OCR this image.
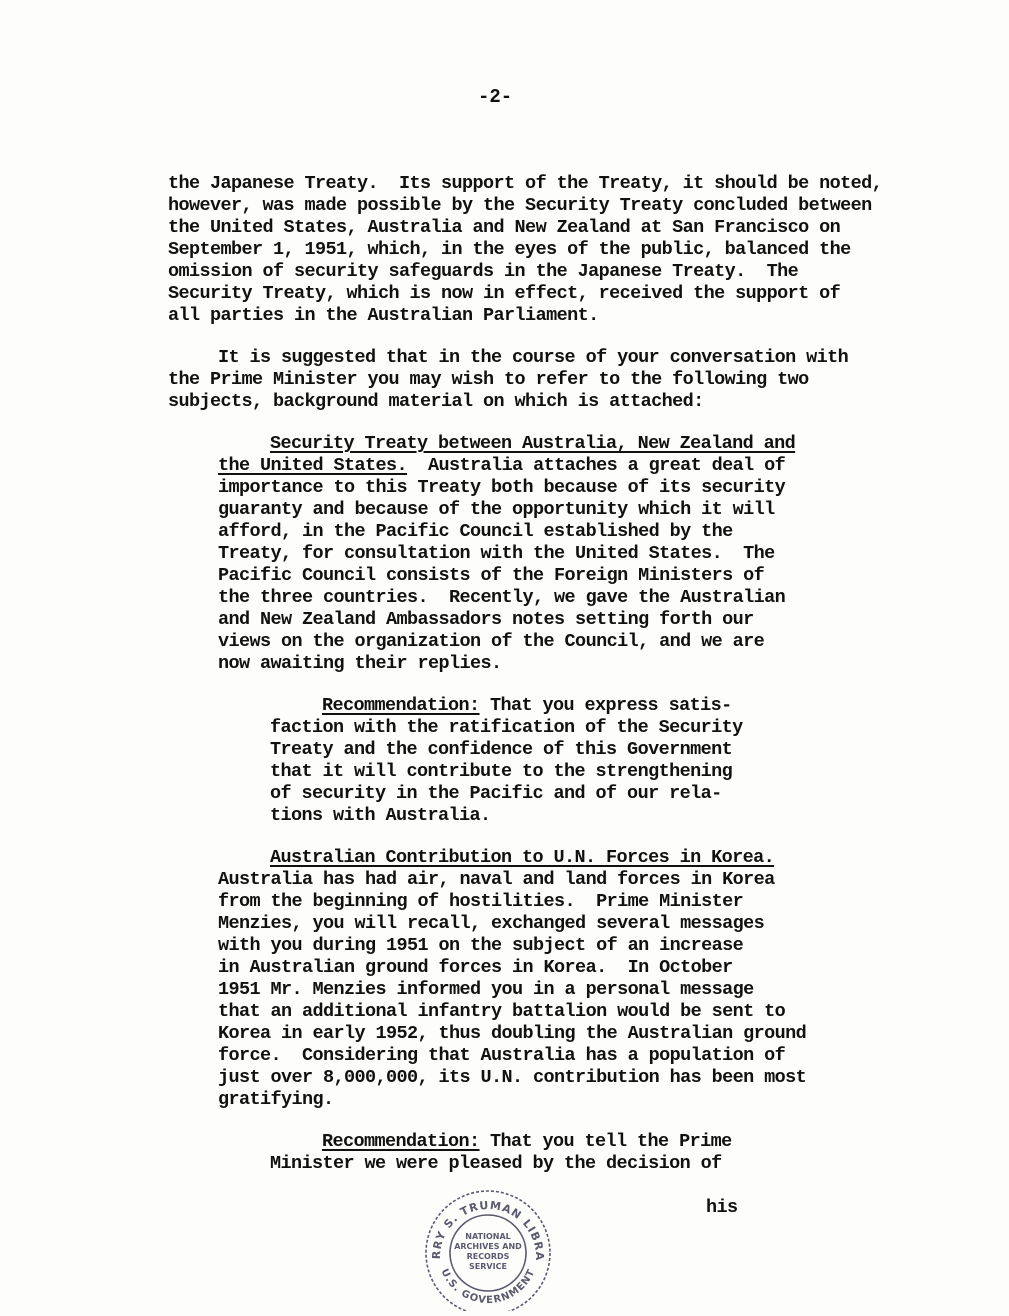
-2-
the Japanese Treaty.  Its support of the Treaty, it should be noted,
however, was made possible by the Security Treaty concluded between
the United States, Australia and New Zealand at San Francisco on
September 1, 1951, which, in the eyes of the public, balanced the
omission of security safeguards in the Japanese Treaty.  The
Security Treaty, which is now in effect, received the support of
all parties in the Australian Parliament.
It is suggested that in the course of your conversation with
the Prime Minister you may wish to refer to the following two
subjects, background material on which is attached:
Security Treaty between Australia, New Zealand and
the United States.  Australia attaches a great deal of
importance to this Treaty both because of its security
guaranty and because of the opportunity which it will
afford, in the Pacific Council established by the
Treaty, for consultation with the United States.  The
Pacific Council consists of the Foreign Ministers of
the three countries.  Recently, we gave the Australian
and New Zealand Ambassadors notes setting forth our
views on the organization of the Council, and we are
now awaiting their replies.
Recommendation: That you express satis-
faction with the ratification of the Security
Treaty and the confidence of this Government
that it will contribute to the strengthening
of security in the Pacific and of our rela-
tions with Australia.
Australian Contribution to U.N. Forces in Korea.
Australia has had air, naval and land forces in Korea
from the beginning of hostilities.  Prime Minister
Menzies, you will recall, exchanged several messages
with you during 1951 on the subject of an increase
in Australian ground forces in Korea.  In October
1951 Mr. Menzies informed you in a personal message
that an additional infantry battalion would be sent to
Korea in early 1952, thus doubling the Australian ground
force.  Considering that Australia has a population of
just over 8,000,000, its U.N. contribution has been most
gratifying.
Recommendation: That you tell the Prime
Minister we were pleased by the decision of
his
RRY S. TRUMAN LIBRA
U.S. GOVERNMENT
NATIONAL
ARCHIVES AND
RECORDS
SERVICE
